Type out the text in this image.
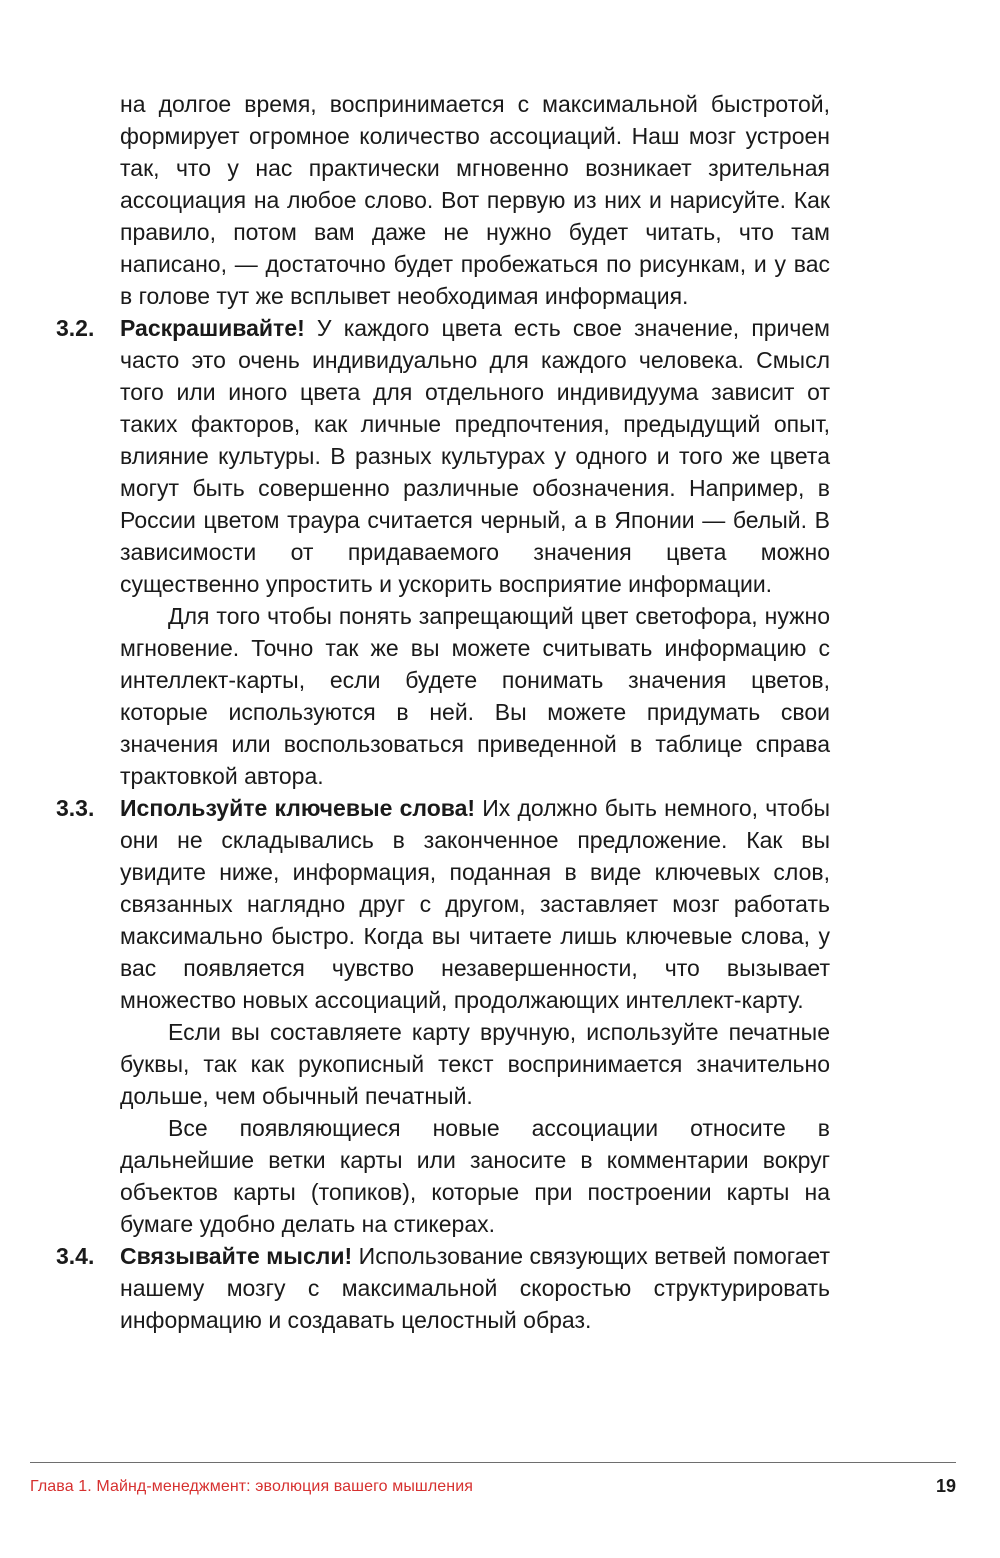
на долгое время, воспринимается с максимальной быстротой, формирует огромное количество ассоциаций. Наш мозг устроен так, что у нас практически мгновенно возникает зрительная ассоциация на любое слово. Вот первую из них и нарисуйте. Как правило, потом вам даже не нужно будет читать, что там написано, — достаточно будет пробежаться по рисункам, и у вас в голове тут же всплывет необходимая информация.

3.2. Раскрашивайте! У каждого цвета есть свое значение, причем часто это очень индивидуально для каждого человека. Смысл того или иного цвета для отдельного индивидуума зависит от таких факторов, как личные предпочтения, предыдущий опыт, влияние культуры. В разных культурах у одного и того же цвета могут быть совершенно различные обозначения. Например, в России цветом траура считается черный, а в Японии — белый. В зависимости от придаваемого значения цвета можно существенно упростить и ускорить восприятие информации.

Для того чтобы понять запрещающий цвет светофора, нужно мгновение. Точно так же вы можете считывать информацию с интеллект-карты, если будете понимать значения цветов, которые используются в ней. Вы можете придумать свои значения или воспользоваться приведенной в таблице справа трактовкой автора.

3.3. Используйте ключевые слова! Их должно быть немного, чтобы они не складывались в законченное предложение. Как вы увидите ниже, информация, поданная в виде ключевых слов, связанных наглядно друг с другом, заставляет мозг работать максимально быстро. Когда вы читаете лишь ключевые слова, у вас появляется чувство незавершенности, что вызывает множество новых ассоциаций, продолжающих интеллект-карту.

Если вы составляете карту вручную, используйте печатные буквы, так как рукописный текст воспринимается значительно дольше, чем обычный печатный.

Все появляющиеся новые ассоциации относите в дальнейшие ветки карты или заносите в комментарии вокруг объектов карты (топиков), которые при построении карты на бумаге удобно делать на стикерах.

3.4. Связывайте мысли! Использование связующих ветвей помогает нашему мозгу с максимальной скоростью структурировать информацию и создавать целостный образ.

Глава 1. Майнд-менеджмент: эволюция вашего мышления	19
